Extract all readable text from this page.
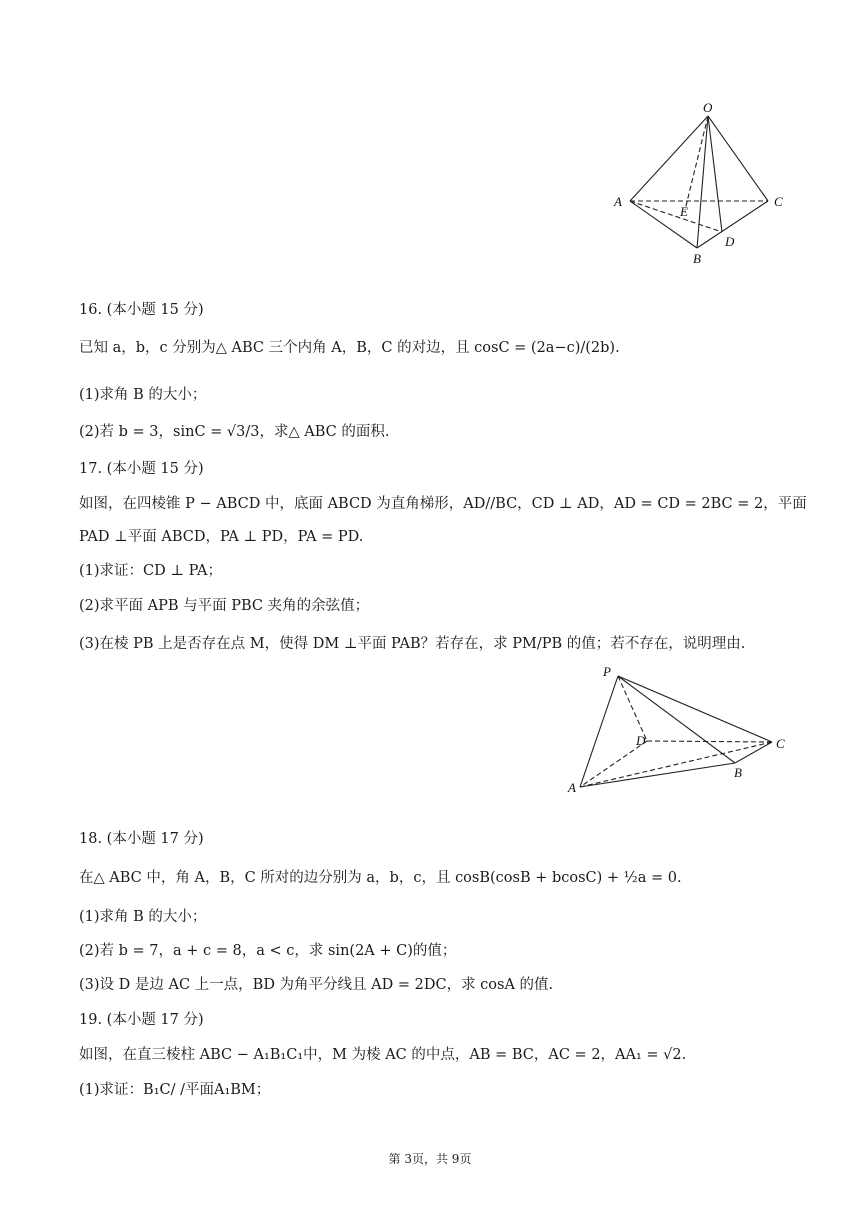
O
A	C
E
D
B
16. (本小题 15 分)
已知 a，b，c 分别为△ ABC 三个内角 A，B，C 的对边，且 cosC = (2a−c)/(2b).
(1)求角 B 的大小；
(2)若 b = 3，sinC = √3/3，求△ ABC 的面积.
17. (本小题 15 分)
如图，在四棱锥 P − ABCD 中，底面 ABCD 为直角梯形，AD//BC，CD ⊥ AD，AD = CD = 2BC = 2，平面
PAD ⊥平面 ABCD，PA ⊥ PD，PA = PD.
(1)求证：CD ⊥ PA；
(2)求平面 APB 与平面 PBC 夹角的余弦值；
(3)在棱 PB 上是否存在点 M，使得 DM ⊥平面 PAB？若存在，求 PM/PB 的值；若不存在，说明理由.
P
D	C
B
A
18. (本小题 17 分)
在△ ABC 中，角 A，B，C 所对的边分别为 a，b，c，且 cosB(cosB + bcosC) + ½a = 0.
(1)求角 B 的大小；
(2)若 b = 7，a + c = 8，a < c，求 sin(2A + C)的值；
(3)设 D 是边 AC 上一点，BD 为角平分线且 AD = 2DC，求 cosA 的值.
19. (本小题 17 分)
如图，在直三棱柱 ABC − A₁B₁C₁中，M 为棱 AC 的中点，AB = BC，AC = 2，AA₁ = √2.
(1)求证：B₁C/ /平面A₁BM；
第 3页，共 9页
